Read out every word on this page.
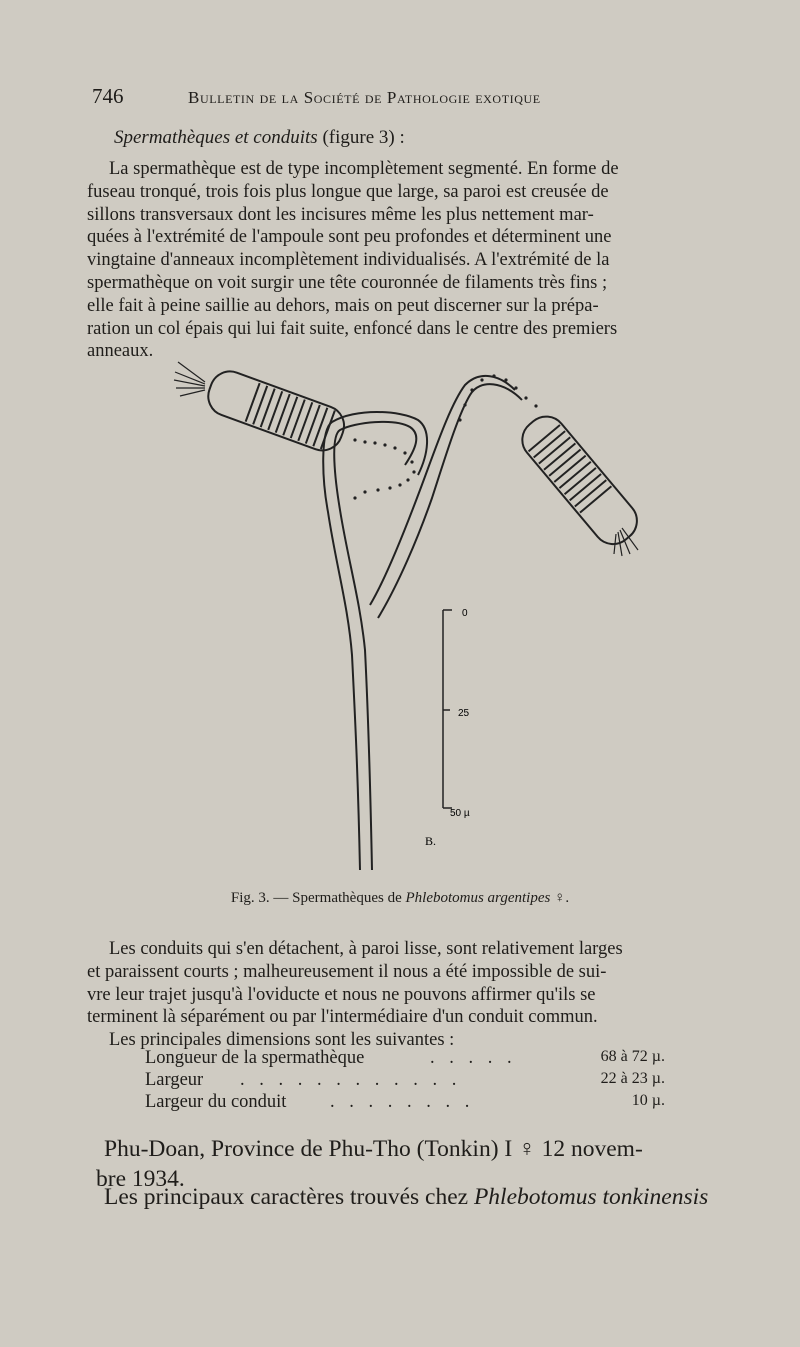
746	Bulletin de la Société de Pathologie exotique
Spermathèques et conduits (figure 3) :
La spermathèque est de type incomplètement segmenté. En forme de
fuseau tronqué, trois fois plus longue que large, sa paroi est creusée de
sillons transversaux dont les incisures même les plus nettement mar-
quées à l'extrémité de l'ampoule sont peu profondes et déterminent une
vingtaine d'anneaux incomplètement individualisés. A l'extrémité de la
spermathèque on voit surgir une tête couronnée de filaments très fins ;
elle fait à peine saillie au dehors, mais on peut discerner sur la prépa-
ration un col épais qui lui fait suite, enfoncé dans le centre des premiers
anneaux.
0
25
50 µ
B.
Fig. 3. — Spermathèques de Phlebotomus argentipes ♀.
Les conduits qui s'en détachent, à paroi lisse, sont relativement larges
et paraissent courts ; malheureusement il nous a été impossible de sui-
vre leur trajet jusqu'à l'oviducte et nous ne pouvons affirmer qu'ils se
terminent là séparément ou par l'intermédiaire d'un conduit commun.
Les principales dimensions sont les suivantes :
Longueur de la spermathèque	. . . . .	68 à 72 µ.
Largeur . . . . . . . . . . . .	22 à 23 µ.
Largeur du conduit . . . . . . . .	10 µ.
Phu-Doan, Province de Phu-Tho (Tonkin) I ♀ 12 novem-
bre 1934.
Les principaux caractères trouvés chez Phlebotomus tonkinensis
